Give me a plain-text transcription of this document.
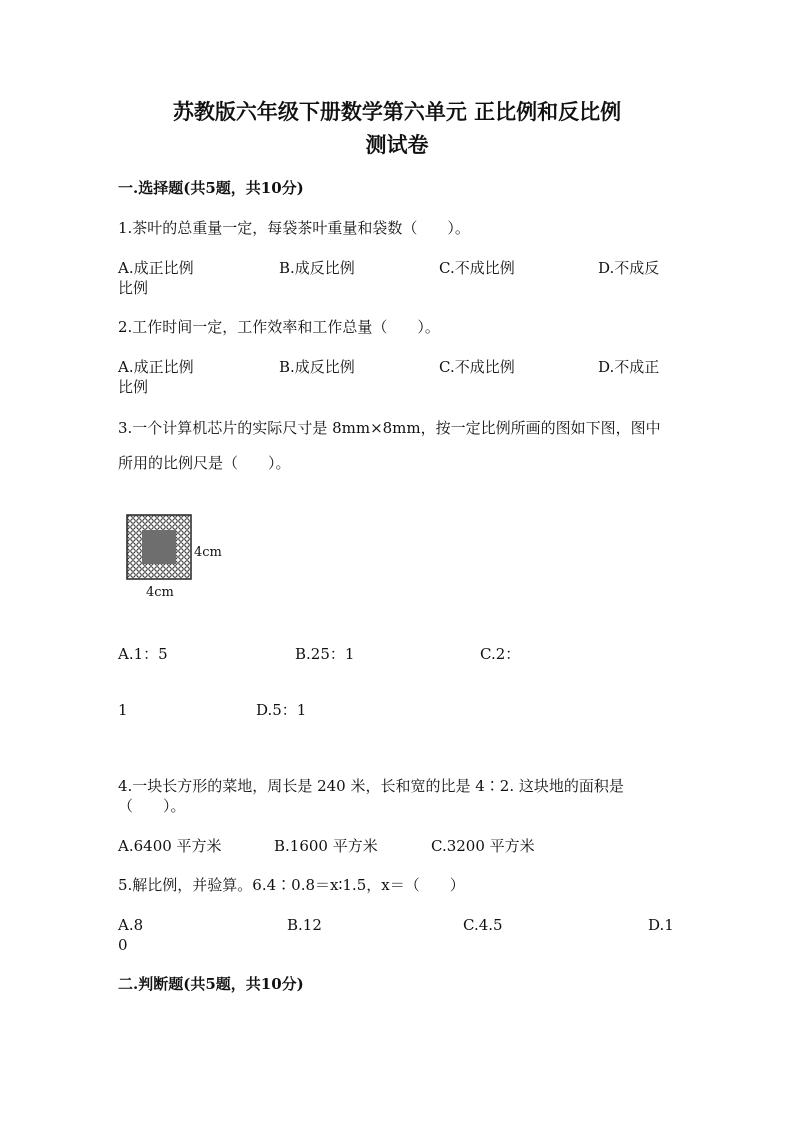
苏教版六年级下册数学第六单元 正比例和反比例
测试卷
一.选择题(共5题，共10分)
1.茶叶的总重量一定，每袋茶叶重量和袋数（　　）。
A.成正比例	B.成反比例	C.不成比例	D.不成反
比例
2.工作时间一定，工作效率和工作总量（　　）。
A.成正比例	B.成反比例	C.不成比例	D.不成正
比例
3.一个计算机芯片的实际尺寸是 8mm×8mm，按一定比例所画的图如下图，图中
所用的比例尺是（　　）。
4cm
4cm
A.1：5	B.25：1	C.2：
1	D.5：1
4.一块长方形的菜地，周长是 240 米，长和宽的比是 4∶2. 这块地的面积是
（　　）。
A.6400 平方米	B.1600 平方米	C.3200 平方米
5.解比例，并验算。6.4∶0.8＝x∶1.5，x＝（　　）
A.8	B.12	C.4.5	D.1
0
二.判断题(共5题，共10分)
